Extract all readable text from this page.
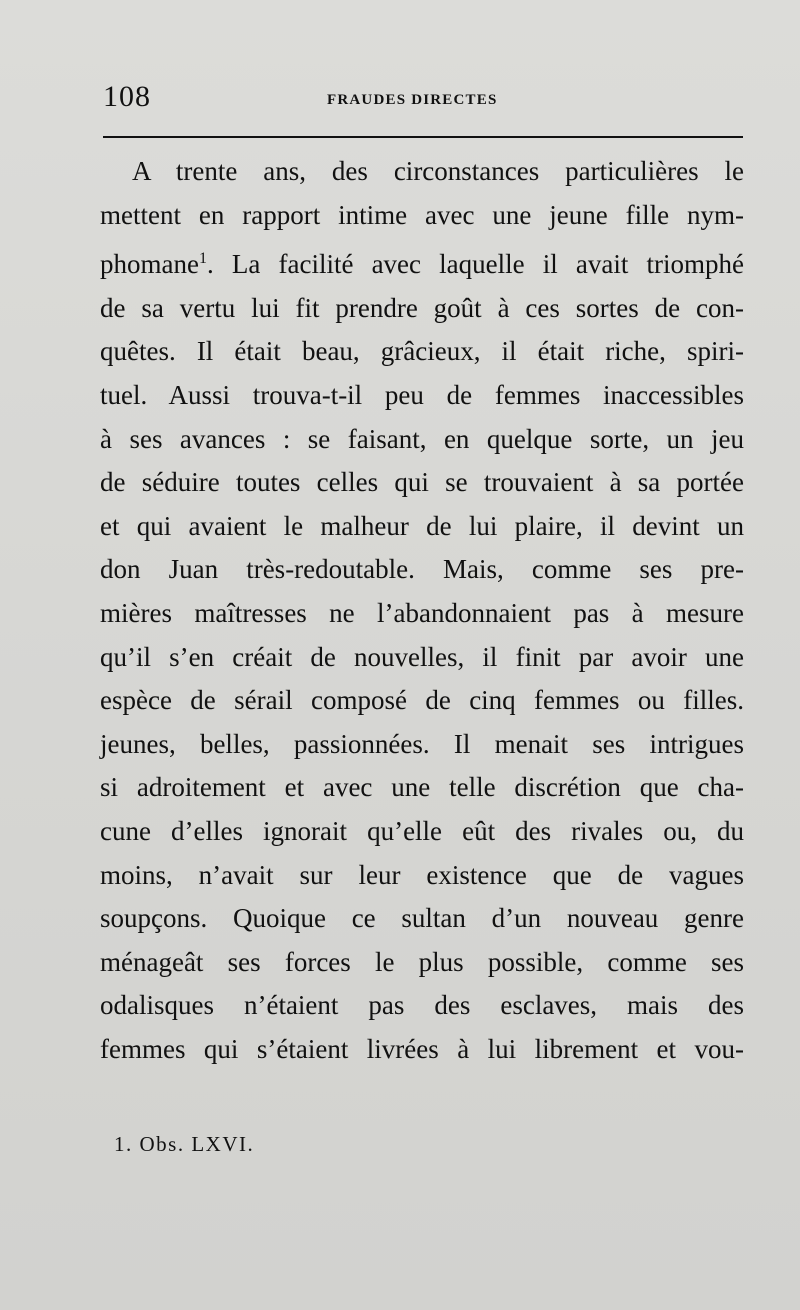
108	FRAUDES DIRECTES
A trente ans, des circonstances particulières le
mettent en rapport intime avec une jeune fille nym-
phomane$^1$. La facilité avec laquelle il avait triomphé
de sa vertu lui fit prendre goût à ces sortes de con-
quêtes. Il était beau, grâcieux, il était riche, spiri-
tuel. Aussi trouva-t-il peu de femmes inaccessibles
à ses avances : se faisant, en quelque sorte, un jeu
de séduire toutes celles qui se trouvaient à sa portée
et qui avaient le malheur de lui plaire, il devint un
don Juan très-redoutable. Mais, comme ses pre-
mières maîtresses ne l’abandonnaient pas à mesure
qu’il s’en créait de nouvelles, il finit par avoir une
espèce de sérail composé de cinq femmes ou filles.
jeunes, belles, passionnées. Il menait ses intrigues
si adroitement et avec une telle discrétion que cha-
cune d’elles ignorait qu’elle eût des rivales ou, du
moins, n’avait sur leur existence que de vagues
soupçons. Quoique ce sultan d’un nouveau genre
ménageât ses forces le plus possible, comme ses
odalisques n’étaient pas des esclaves, mais des
femmes qui s’étaient livrées à lui librement et vou-
1. Obs. LXVI.
